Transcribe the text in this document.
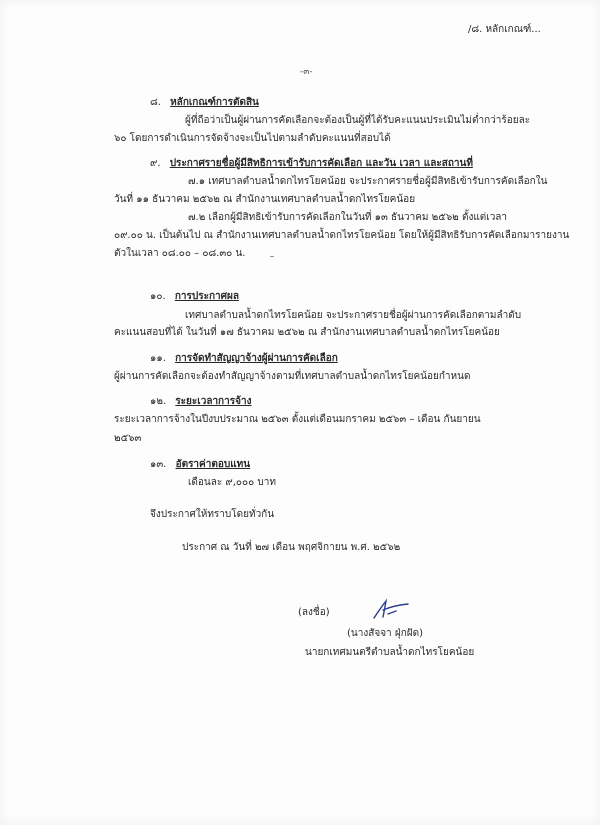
/๘. หลักเกณฑ์...
-๓-
๘. หลักเกณฑ์การตัดสิน
ผู้ที่ถือว่าเป็นผู้ผ่านการคัดเลือกจะต้องเป็นผู้ที่ได้รับคะแนนประเมินไม่ต่ำกว่าร้อยละ
๖๐ โดยการดำเนินการจัดจ้างจะเป็นไปตามลำดับคะแนนที่สอบได้
๙. ประกาศรายชื่อผู้มีสิทธิการเข้ารับการคัดเลือก และวัน เวลา และสถานที่
๗.๑ เทศบาลตำบลน้ำดกไทรโยคน้อย จะประกาศรายชื่อผู้มีสิทธิเข้ารับการคัดเลือกใน
วันที่ ๑๑ ธันวาคม ๒๕๖๒ ณ สำนักงานเทศบาลตำบลน้ำดกไทรโยคน้อย
๗.๒ เลือกผู้มีสิทธิเข้ารับการคัดเลือกในวันที่ ๑๓ ธันวาคม ๒๕๖๒ ตั้งแต่เวลา
๐๙.๐๐ น. เป็นต้นไป ณ สำนักงานเทศบาลตำบลน้ำดกไทรโยคน้อย โดยให้ผู้มีสิทธิรับการคัดเลือกมารายงาน
ตัวในเวลา ๐๘.๐๐ – ๐๘.๓๐ น.
๑๐. การประกาศผล
เทศบาลตำบลน้ำดกไทรโยคน้อย จะประกาศรายชื่อผู้ผ่านการคัดเลือกตามลำดับ
คะแนนสอบที่ได้ ในวันที่ ๑๗ ธันวาคม ๒๕๖๒ ณ สำนักงานเทศบาลตำบลน้ำดกไทรโยคน้อย
๑๑. การจัดทำสัญญาจ้างผู้ผ่านการคัดเลือก
ผู้ผ่านการคัดเลือกจะต้องทำสัญญาจ้างตามที่เทศบาลตำบลน้ำดกไทรโยคน้อยกำหนด
๑๒. ระยะเวลาการจ้าง
ระยะเวลาการจ้างในปีงบประมาณ ๒๕๖๓ ตั้งแต่เดือนมกราคม ๒๕๖๓ – เดือน กันยายน
๒๕๖๓
๑๓. อัตราค่าตอบแทน
เดือนละ ๙,๐๐๐ บาท
จึงประกาศให้ทราบโดยทั่วกัน
ประกาศ ณ วันที่ ๒๗ เดือน พฤศจิกายน พ.ศ. ๒๕๖๒
(ลงชื่อ)
(นางสัจจา ฝุ่กฝัด)
นายกเทศมนตรีตำบลน้ำดกไทรโยคน้อย
